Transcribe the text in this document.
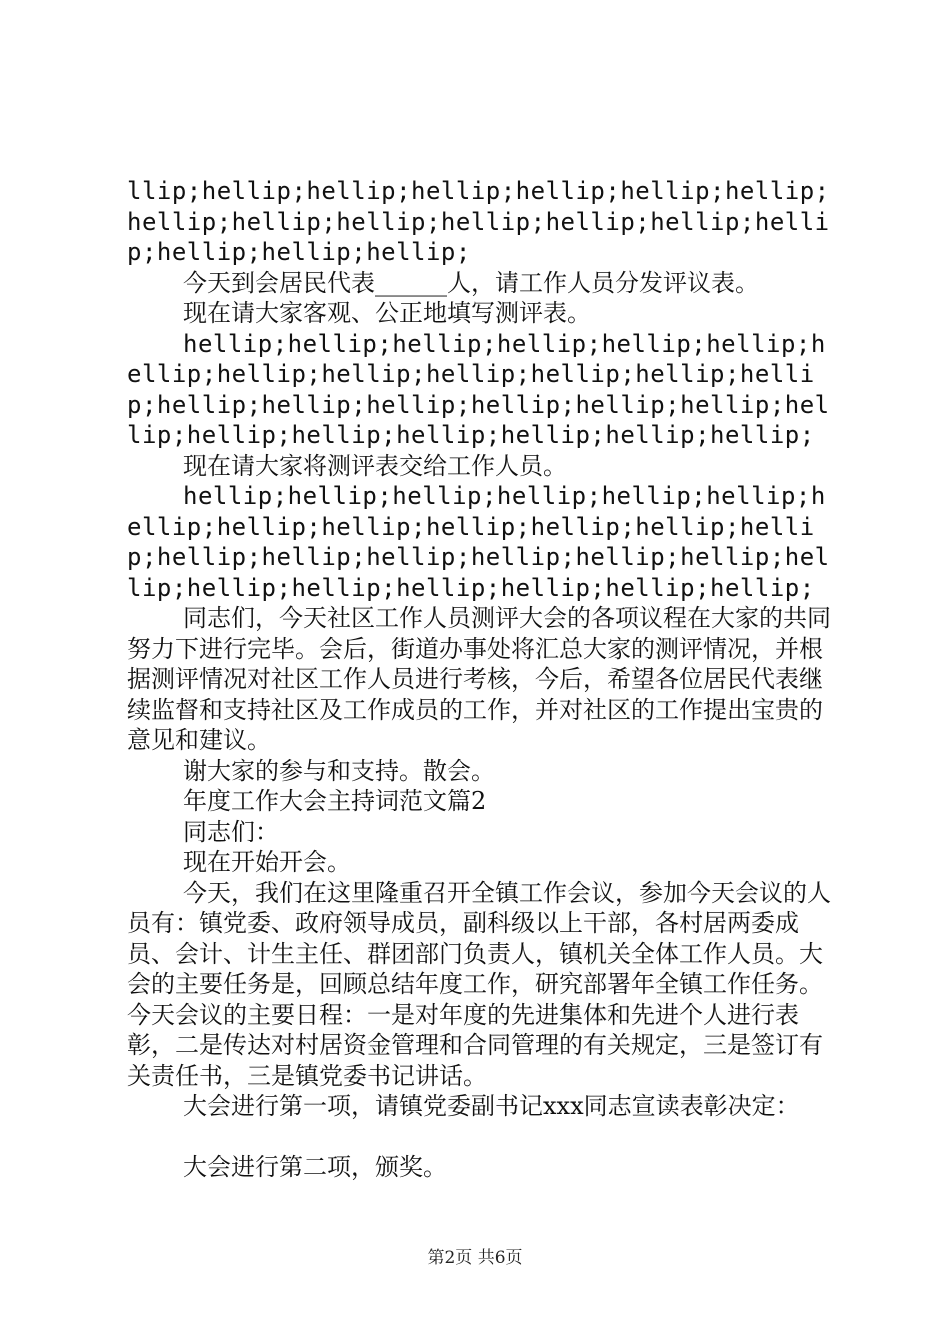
llip;hellip;hellip;hellip;hellip;hellip;hellip;hellip;hellip;hellip;hellip;hellip;hellip;hellip;hellip;hellip;hellip;

今天到会居民代表______人，请工作人员分发评议表。

现在请大家客观、公正地填写测评表。

hellip;hellip;hellip;hellip;hellip;hellip;hellip;hellip;hellip;hellip;hellip;hellip;hellip;hellip;hellip;hellip;hellip;hellip;hellip;hellip;hellip;hellip;hellip;hellip;hellip;hellip;

现在请大家将测评表交给工作人员。

hellip;hellip;hellip;hellip;hellip;hellip;hellip;hellip;hellip;hellip;hellip;hellip;hellip;hellip;hellip;hellip;hellip;hellip;hellip;hellip;hellip;hellip;hellip;hellip;hellip;hellip;

同志们，今天社区工作人员测评大会的各项议程在大家的共同努力下进行完毕。会后，街道办事处将汇总大家的测评情况，并根据测评情况对社区工作人员进行考核，今后，希望各位居民代表继续监督和支持社区及工作成员的工作，并对社区的工作提出宝贵的意见和建议。

谢大家的参与和支持。散会。

年度工作大会主持词范文篇2

同志们：

现在开始开会。

今天，我们在这里隆重召开全镇工作会议，参加今天会议的人员有：镇党委、政府领导成员，副科级以上干部，各村居两委成员、会计、计生主任、群团部门负责人，镇机关全体工作人员。大会的主要任务是，回顾总结年度工作，研究部署年全镇工作任务。今天会议的主要日程：一是对年度的先进集体和先进个人进行表彰，二是传达对村居资金管理和合同管理的有关规定，三是签订有关责任书，三是镇党委书记讲话。

大会进行第一项，请镇党委副书记xxx同志宣读表彰决定：

大会进行第二项，颁奖。

第2页 共6页
